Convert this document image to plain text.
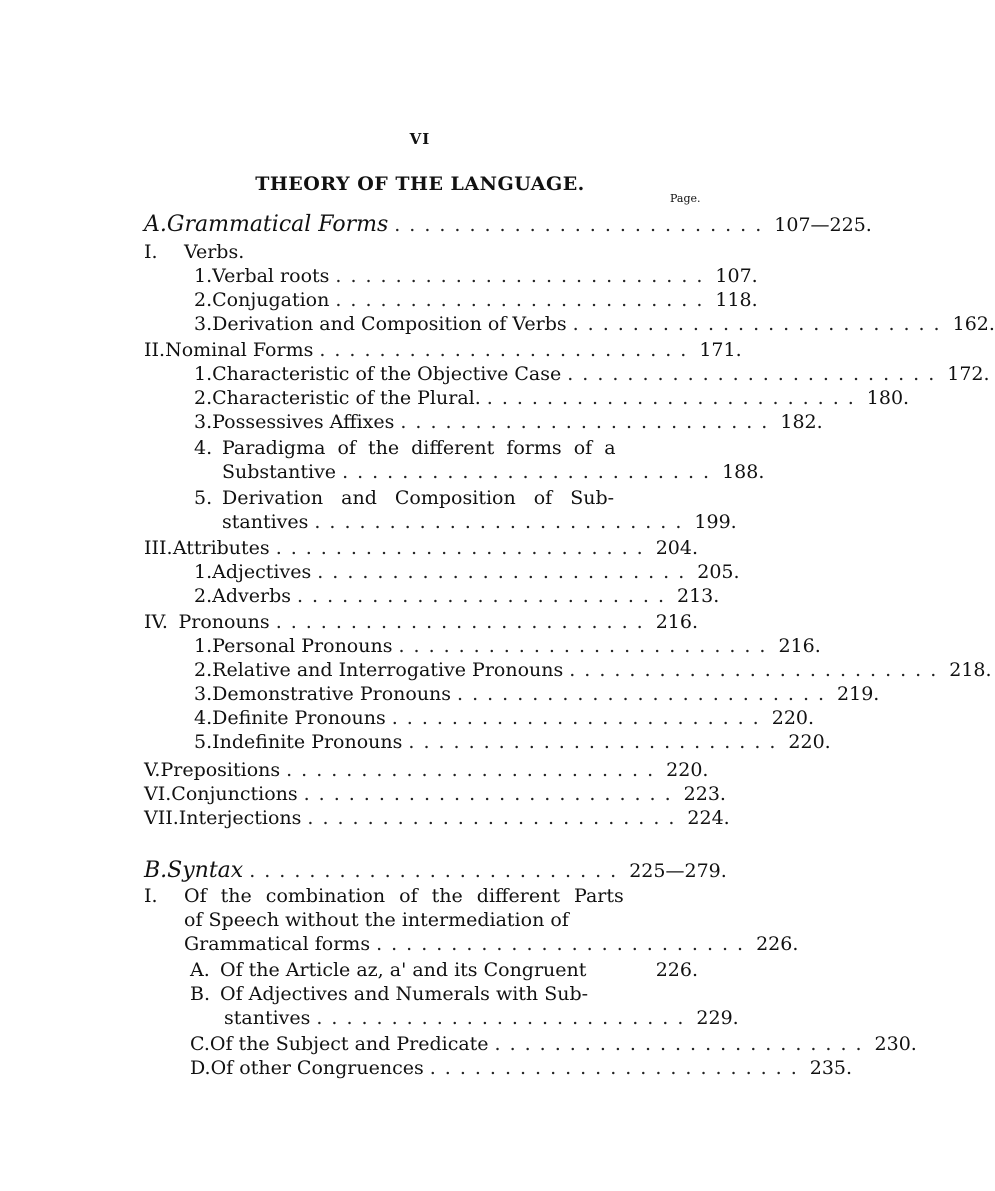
VI
THEORY OF THE LANGUAGE.
Page.
A. Grammatical Forms ......................... 107—225.
I.	Verbs.
1. Verbal roots ......................... 107.
2. Conjugation ......................... 118.
3. Derivation and Composition of Verbs ......................... 162.
II. Nominal Forms ......................... 171.
1. Characteristic of the Objective Case ......................... 172.
2. Characteristic of the Plural. ......................... 180.
3. Possessives Affixes ......................... 182.
4. Paradigma of the different forms of a
Substantive ......................... 188.
5. Derivation and Composition of Sub-
stantives ......................... 199.
III. Attributes ......................... 204.
1. Adjectives ......................... 205.
2. Adverbs ......................... 213.
IV. Pronouns ......................... 216.
1. Personal Pronouns ......................... 216.
2. Relative and Interrogative Pronouns ......................... 218.
3. Demonstrative Pronouns ......................... 219.
4. Definite Pronouns ......................... 220.
5. Indefinite Pronouns ......................... 220.
V. Prepositions ......................... 220.
VI. Conjunctions ......................... 223.
VII. Interjections ......................... 224.
B. Syntax ......................... 225—279.
I.	Of the combination of the different Parts
of Speech without the intermediation of
Grammatical forms ......................... 226.
A. Of the Article az, a' and its Congruent	226.
B. Of Adjectives and Numerals with Sub-
stantives ......................... 229.
C. Of the Subject and Predicate ......................... 230.
D. Of other Congruences ......................... 235.
